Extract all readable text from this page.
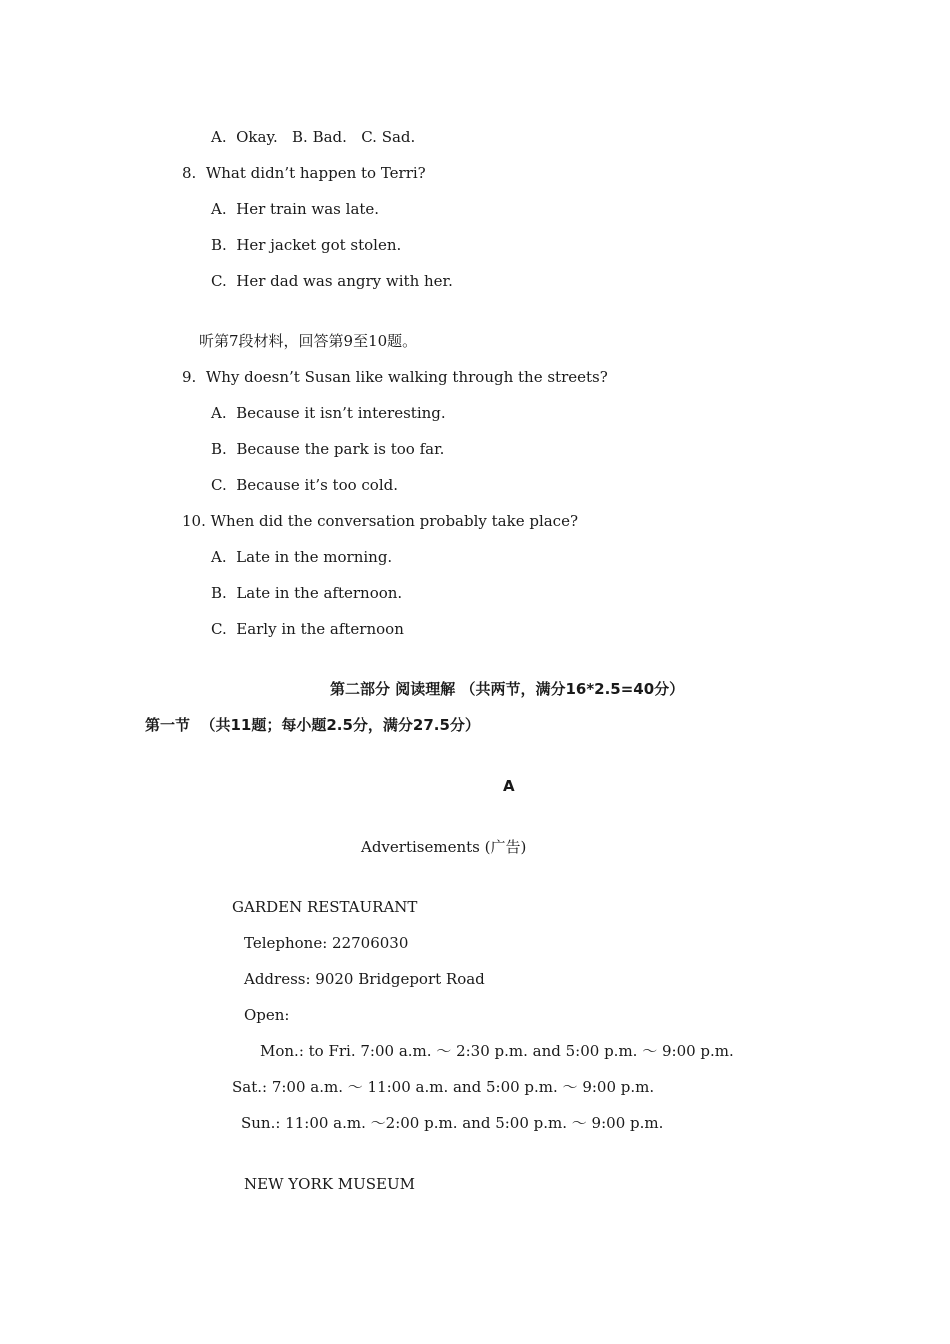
A.  Okay.   B. Bad.   C. Sad.

8.  What didn’t happen to Terri?

A.  Her train was late.

B.  Her jacket got stolen.

C.  Her dad was angry with her.

听第7段材料，回答第9至10题。

9.  Why doesn’t Susan like walking through the streets?

A.  Because it isn’t interesting.

B.  Because the park is too far.

C.  Because it’s too cold.

10. When did the conversation probably take place?

A.  Late in the morning.

B.  Late in the afternoon.

C.  Early in the afternoon

第二部分 阅读理解 （共两节，满分16*2.5=40分）

第一节  （共11题；每小题2.5分，满分27.5分）

A

Advertisements (广告)

GARDEN RESTAURANT

Telephone: 22706030

Address: 9020 Bridgeport Road

Open:

Mon.: to Fri. 7:00 a.m. ～ 2:30 p.m. and 5:00 p.m. ～ 9:00 p.m.

Sat.: 7:00 a.m. ～ 11:00 a.m. and 5:00 p.m. ～ 9:00 p.m.

Sun.: 11:00 a.m. ～2:00 p.m. and 5:00 p.m. ～ 9:00 p.m.

NEW YORK MUSEUM
